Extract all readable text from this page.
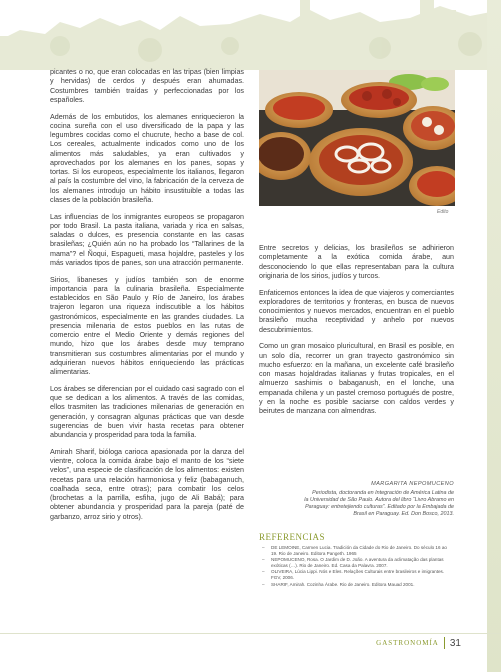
picantes o no, que eran colocadas en las tripas (bien limpias y hervidas) de cerdos y después eran ahumadas. Costumbres también traídas y perfeccionadas por los españoles.

Además de los embutidos, los alemanes enriquecieron la cocina sureña con el uso diversificado de la papa y las legumbres cocidas como el chucrute, hecho a base de col. Los cereales, actualmente indicados como uno de los alimentos más saludables, ya eran cultivados y aprovechados por los alemanes en los panes, sopas y tortas. Si los europeos, especialmente los italianos, llegaron al país la costumbre del vino, la fabricación de la cerveza de los alemanes introdujo un hábito insustituible a todas las clases de la población brasileña.

Las influencias de los inmigrantes europeos se propagaron por todo Brasil. La pasta italiana, variada y rica en salsas, saladas o dulces, es presencia constante en las casas brasileñas; ¿Quién aún no ha probado los “Tallarines de la mama”? el Ñoqui, Espagueti, masa hojaldre, pasteles y los más variados tipos de panes, son una atracción permanente.

Sirios, libaneses y judíos también son de enorme importancia para la culinaria brasileña. Especialmente establecidos en São Paulo y Río de Janeiro, los árabes trajeron legaron una riqueza indiscutible a los hábitos gastronómicos, especialmente en las grandes ciudades. La presencia milenaria de estos pueblos en las rutas de comercio entre el Medio Oriente y demás regiones del mundo, hizo que los árabes desde muy temprano transmitieran sus costumbres alimentarias por el mundo y adquirieran nuevos hábitos enriqueciendo las prácticas alimentarias.

Los árabes se diferencian por el cuidado casi sagrado con el que se dedican a los alimentos. A través de las comidas, ellos trasmiten las tradiciones milenarias de generación en generación, y consagran algunas prácticas que van desde sugerencias de buen vivir hasta recetas para obtener abundancia y prosperidad para toda la familia.

Amirah Sharif, bióloga carioca apasionada por la danza del vientre, coloca la comida árabe bajo el manto de los “siete velos”, una especie de clasificación de los alimentos: existen recetas para una relación harmoniosa y feliz (babaganuch, coalhada seca, entre otras); para combatir los celos (brochetas a la parrilla, esfiha, jugo de Ali Babá); para obtener abundancia y prosperidad para la pareja (paté de garbanzo, arroz sirio y otros).

Edito

Entre secretos y delicias, los brasileños se adhirieron completamente a la exótica comida árabe, aun desconociendo lo que ellas representaban para la cultura originaria de los sirios, judíos y turcos.

Enfaticemos entonces la idea de que viajeros y comerciantes exploradores de territorios y fronteras, en busca de nuevos conocimientos y nuevos mercados, encuentran en el pueblo brasileño mucha receptividad y anhelo por nuevos descubrimientos.

Como un gran mosaico pluricultural, en Brasil es posible, en un solo día, recorrer un gran trayecto gastronómico sin mucho esfuerzo: en la mañana, un excelente café brasileño con masas hojaldradas italianas y frutas tropicales, en el almuerzo sashimis o babaganush, en el lonche, una empanada chilena y un pastel cremoso portugués de postre, y en la noche es posible saciarse con caldos verdes y beirutes de manzana con almendras.

MARGARITA NEPOMUCENO
Periodista, doctoranda en Integración de América Latina de
la Universidad de São Paulo. Autora del libro “Livro Abramo en
Paraguay: entretejiendo culturas”. Editado por la Embajada de
Brasil en Paraguay. Ed. Don Bosco, 2013.
REFERENCIAS
– DE LEMOINE, Carmen Lucia. Tradición da Cidade do Rio de Janeiro. Do século 16 ao 19. Rio de Janeiro. Editora Pangeth. 1965
– NEPOMUCENO, Rosa. O Jardim de D. João. A aventura da aclimatação das plantas exóticas (…). Rio de Janeiro. Ed. Casa da Palavra. 2007.
– OLIVEIRA, Lúcia Lippi. Nós e Eles. Relações Culturais entre brasileiros e imigrantes. FGV, 2006.
– SHARIF, Amirah. Cozinha Árabe. Rio de Janeiro. Editora Mauad 2001.
GASTRONOMÍA	31
